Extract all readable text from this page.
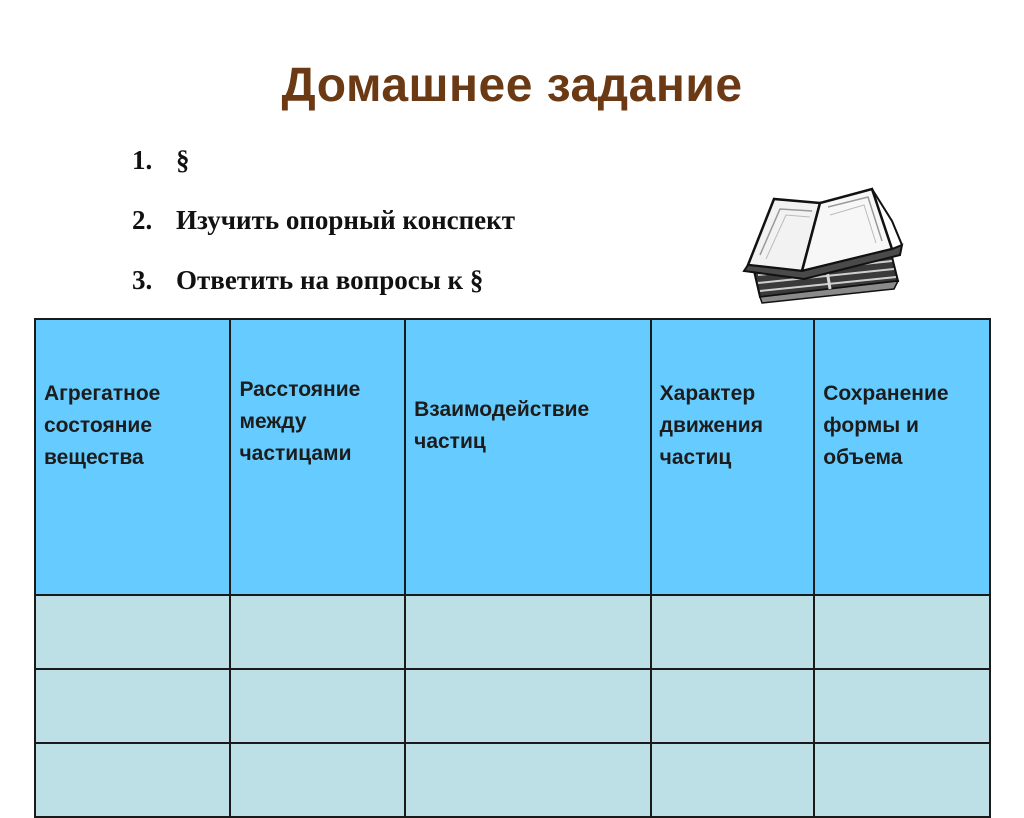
Домашнее задание
1. §
2. Изучить опорный конспект
3. Ответить на вопросы к §
Агрегатное состояние вещества	Расстояние между частицами	Взаимодействие частиц	Характер движения частиц	Сохранение формы и объема
